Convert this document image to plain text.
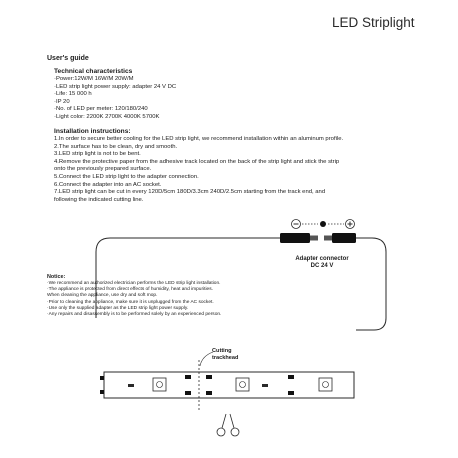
LED Striplight
User's guide
Technical characteristics
·Power:12W/M 16W/M 20W/M
·LED strip light power supply: adapter 24 V DC
·Life: 15 000 h
·IP 20
·No. of LED per meter: 120/180/240
·Light color: 2200K 2700K 4000K 5700K
Installation instructions:
1.In order to secure better cooling for the LED strip light, we recommend installation within an aluminum profile.
2.The surface has to be clean, dry and smooth.
3.LED strip light is not to be bent.
4.Remove the protective paper from the adhesive track located on the back of the strip light and stick the strip
onto the previously prepared surface.
5.Connect the LED strip light to the adapter connection.
6.Connect the adapter into an AC socket.
7.LED strip light can be cut in every 120D/5cm 180D/3.3cm 240D/2.5cm starting from the track end, and
following the indicated cutting line.
Adapter connector
DC 24 V
Cutting
trackhead
Notice:
·We recommend an authorized electrician performs the LED strip light installation.
·The appliance is protected from direct effects of humidity, heat and impurities.
When cleaning the appliance, use dry and soft mop.
·Prior to cleaning the appliance, make sure it is unplugged from the AC socket.
·Use only the supplied adapter as the LED strip light power supply.
·Any repairs and disassembly is to be performed solely by an experienced person.
